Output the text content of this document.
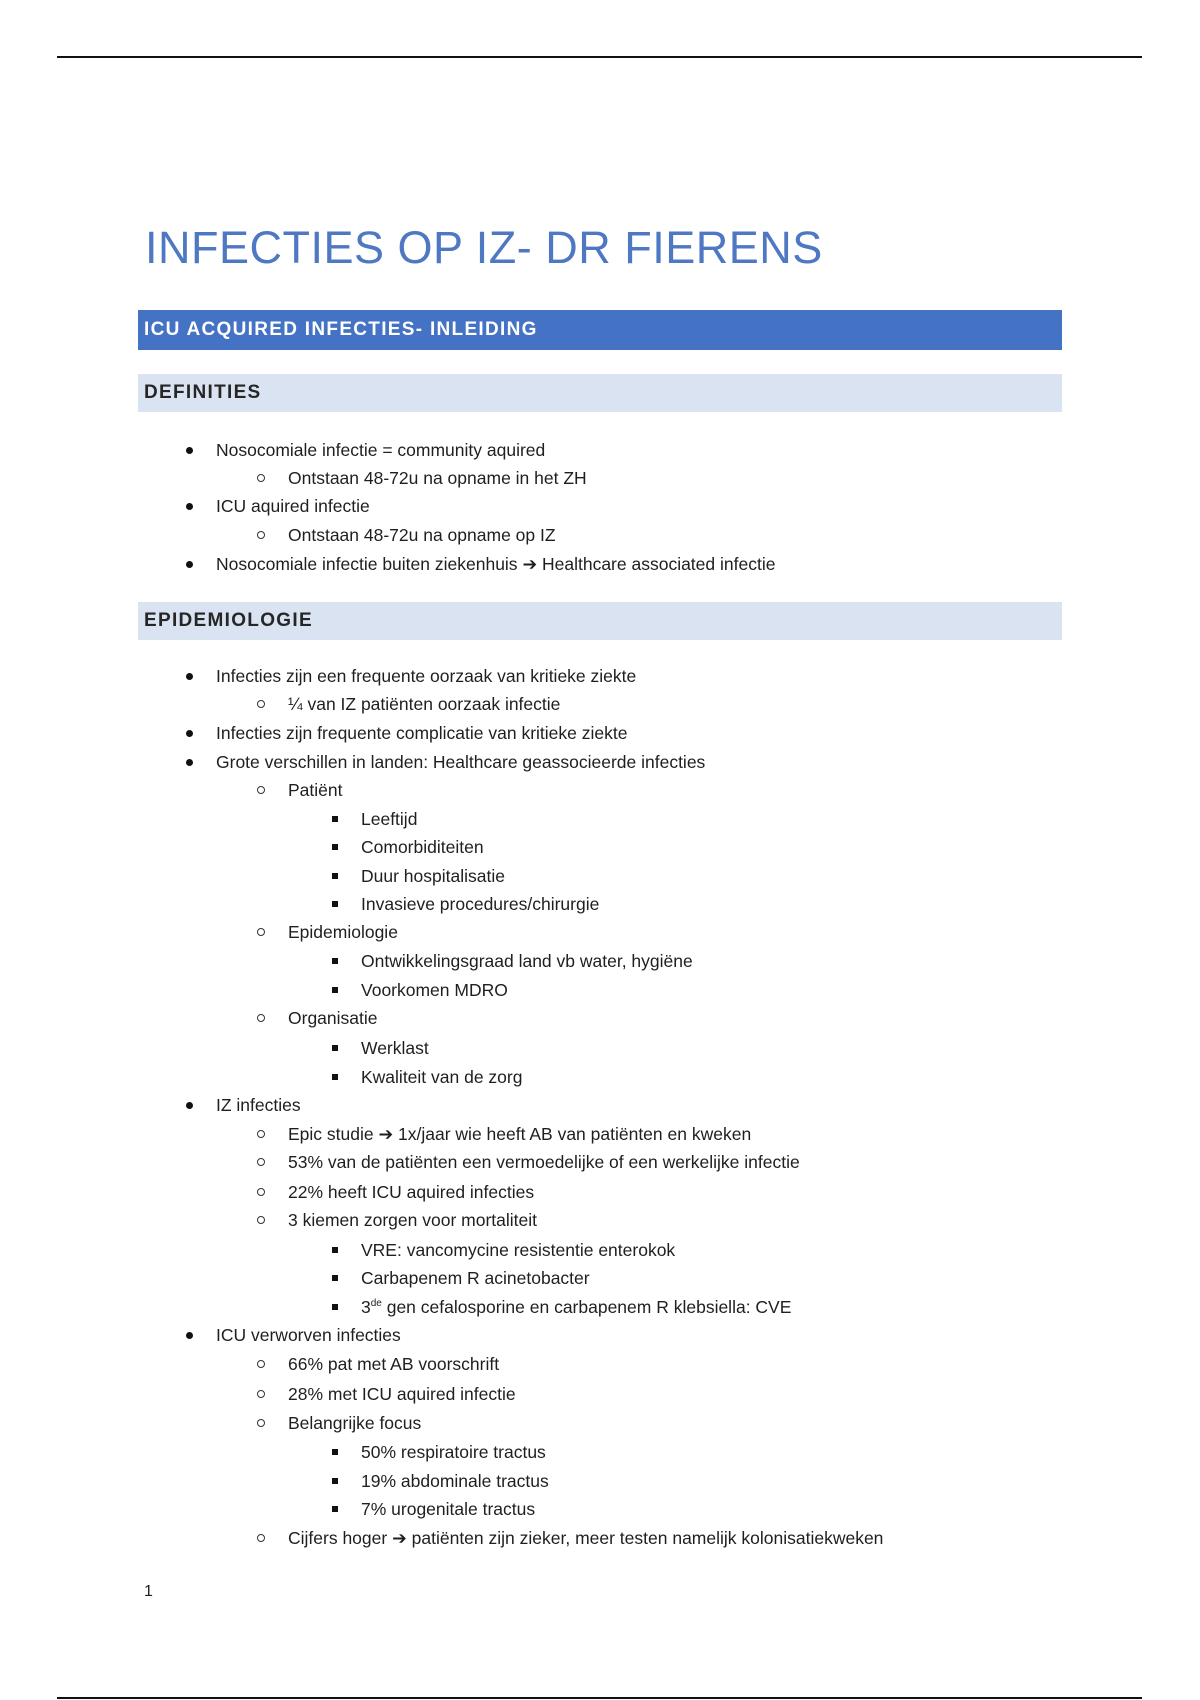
INFECTIES OP IZ- DR FIERENS
ICU ACQUIRED INFECTIES- INLEIDING
DEFINITIES
Nosocomiale infectie = community aquired
Ontstaan 48-72u na opname in het ZH
ICU aquired infectie
Ontstaan 48-72u na opname op IZ
Nosocomiale infectie buiten ziekenhuis ➔ Healthcare associated infectie
EPIDEMIOLOGIE
Infecties zijn een frequente oorzaak van kritieke ziekte
¼ van IZ patiënten oorzaak infectie
Infecties zijn frequente complicatie van kritieke ziekte
Grote verschillen in landen: Healthcare geassocieerde infecties
Patiënt
Leeftijd
Comorbiditeiten
Duur hospitalisatie
Invasieve procedures/chirurgie
Epidemiologie
Ontwikkelingsgraad land vb water, hygiëne
Voorkomen MDRO
Organisatie
Werklast
Kwaliteit van de zorg
IZ infecties
Epic studie ➔ 1x/jaar wie heeft AB van patiënten en kweken
53% van de patiënten een vermoedelijke of een werkelijke infectie
22% heeft ICU aquired infecties
3 kiemen zorgen voor mortaliteit
VRE: vancomycine resistentie enterokok
Carbapenem R acinetobacter
3de gen cefalosporine en carbapenem R klebsiella: CVE
ICU verworven infecties
66% pat met AB voorschrift
28% met ICU aquired infectie
Belangrijke focus
50% respiratoire tractus
19% abdominale tractus
7% urogenitale tractus
Cijfers hoger ➔ patiënten zijn zieker, meer testen namelijk kolonisatiekweken
1
